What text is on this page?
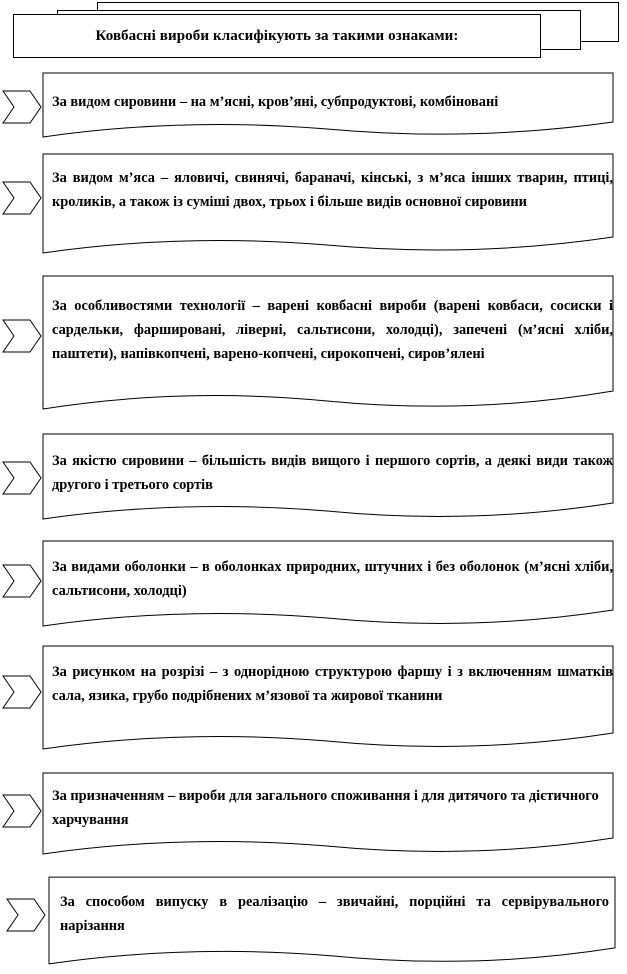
Ковбасні вироби класифікують за такими ознаками:
За видом сировини – на м’ясні, кров’яні, субпродуктові, комбіновані
За видом м’яса – яловичі, свинячі, бараначі, кінські, з м’яса інших тварин, птиці, кроликів, а також із суміші двох, трьох і більше видів основної сировини
За особливостями технології – варені ковбасні вироби (варені ковбаси, сосиски і сардельки, фаршировані, ліверні, сальтисони, холодці), запечені (м’ясні хліби, паштети), напівкопчені, варено-копчені, сирокопчені, сиров’ялені
За якістю сировини – більшість видів вищого і першого сортів, а деякі види також другого і третього сортів
За видами оболонки – в оболонках природних, штучних і без оболонок (м’ясні хліби, сальтисони, холодці)
За рисунком на розрізі – з однорідною структурою фаршу і з включенням шматків сала, язика, грубо подрібнених м’язової та жирової тканини
За призначенням – вироби для загального споживання і для дитячого та дієтичного харчування
За способом випуску в реалізацію – звичайні, порційні та сервірувального нарізання
